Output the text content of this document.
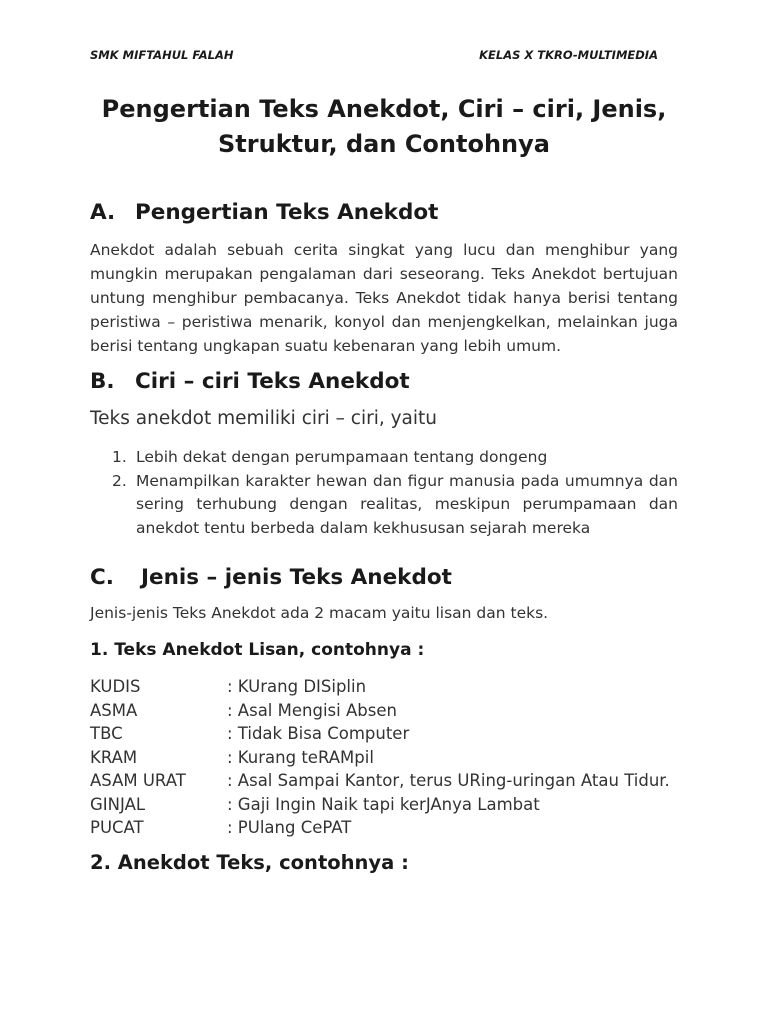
SMK MIFTAHUL FALAH	KELAS X TKRO-MULTIMEDIA
Pengertian Teks Anekdot, Ciri – ciri, Jenis,
Struktur, dan Contohnya
A. Pengertian Teks Anekdot
Anekdot adalah sebuah cerita singkat yang lucu dan menghibur yang
mungkin merupakan pengalaman dari seseorang. Teks Anekdot bertujuan
untung menghibur pembacanya. Teks Anekdot tidak hanya berisi tentang
peristiwa – peristiwa menarik, konyol dan menjengkelkan, melainkan juga
berisi tentang ungkapan suatu kebenaran yang lebih umum.
B. Ciri – ciri Teks Anekdot
Teks anekdot memiliki ciri – ciri, yaitu
1. Lebih dekat dengan perumpamaan tentang dongeng
2. Menampilkan karakter hewan dan figur manusia pada umumnya dan
sering terhubung dengan realitas, meskipun perumpamaan dan
anekdot tentu berbeda dalam kekhususan sejarah mereka
C. Jenis – jenis Teks Anekdot
Jenis-jenis Teks Anekdot ada 2 macam yaitu lisan dan teks.
1. Teks Anekdot Lisan, contohnya :
KUDIS	: KUrang DISiplin
ASMA	: Asal Mengisi Absen
TBC	: Tidak Bisa Computer
KRAM	: Kurang teRAMpil
ASAM URAT	: Asal Sampai Kantor, terus URing-uringan Atau Tidur.
GINJAL	: Gaji Ingin Naik tapi kerJAnya Lambat
PUCAT	: PUlang CePAT
2. Anekdot Teks, contohnya :
